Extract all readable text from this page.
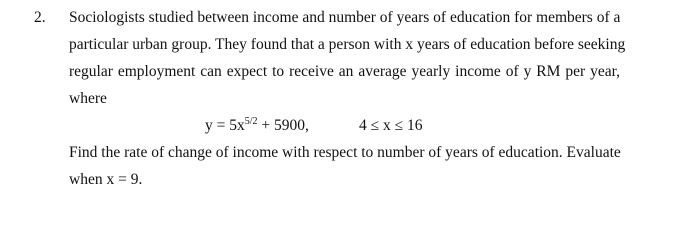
2. Sociologists studied between income and number of years of education for members of a
particular urban group. They found that a person with x years of education before seeking
regular employment can expect to receive an average yearly income of y RM per year,
where
$y = 5x^{5/2} + 5900$,	4 ≤ x ≤ 16
Find the rate of change of income with respect to number of years of education. Evaluate
when x = 9.
